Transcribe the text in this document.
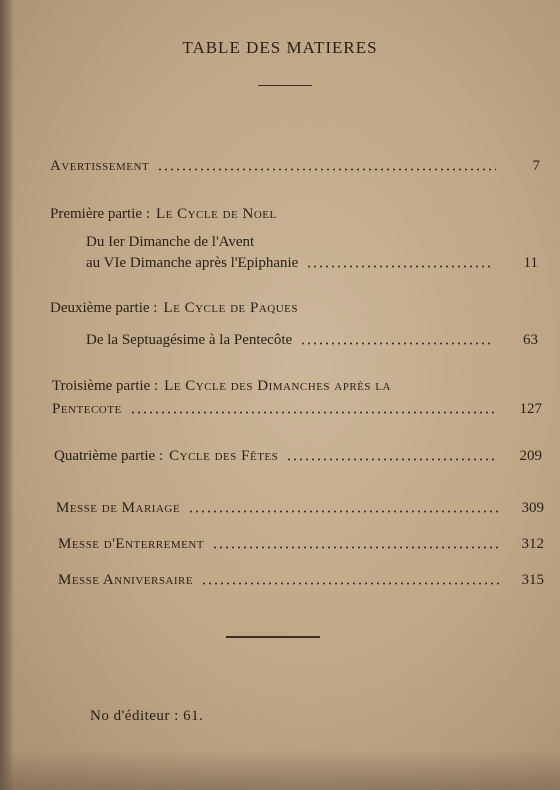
TABLE DES MATIERES
Avertissement	7
Première partie : Le Cycle de Noel
Du Ier Dimanche de l'Avent
au VIe Dimanche après l'Epiphanie	11
Deuxième partie : Le Cycle de Paques
De la Septuagésime à la Pentecôte	63
Troisième partie : Le Cycle des Dimanches après la
Pentecote	127
Quatrième partie : Cycle des Fêtes	209
Messe de Mariage	309
Messe d'Enterrement	312
Messe Anniversaire	315
No d'éditeur : 61.
